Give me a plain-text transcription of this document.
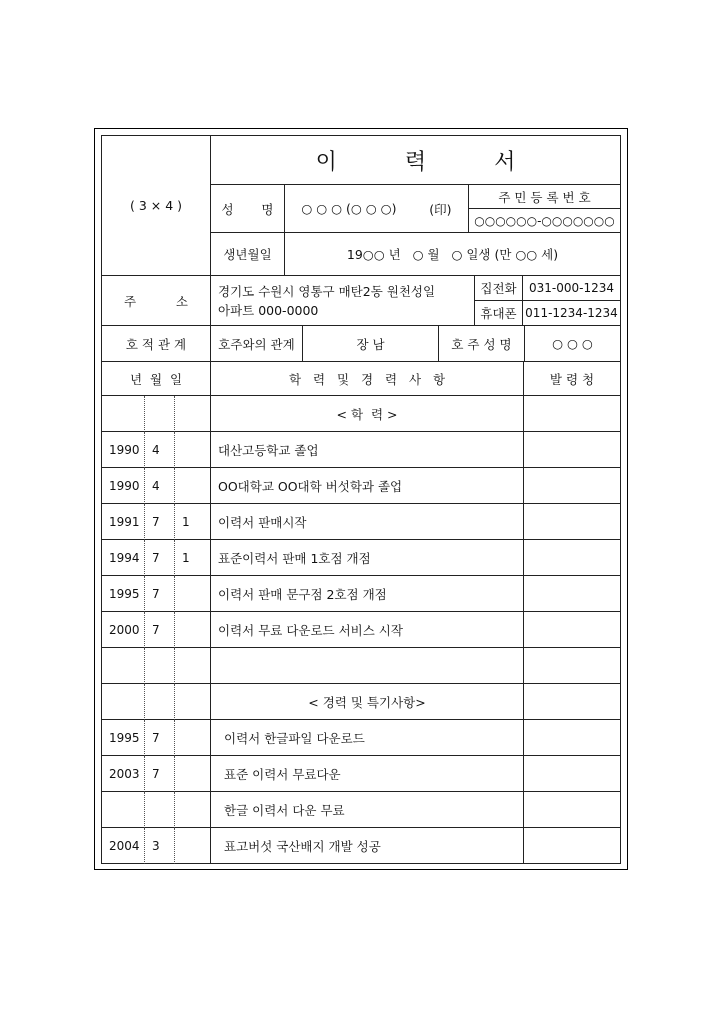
( 3 × 4 )
이	력	서
성       명 ○ ○ ○ (○ ○ ○)	(印)
주 민 등 록 번 호
○○○○○○-○○○○○○○
생년월일	19○○ 년   ○ 월   ○ 일생 (만 ○○ 세)
주          소
경기도 수원시 영통구 매탄2동 원천성일
아파트 000-0000
집전화 031-000-1234
휴대폰 011-1234-1234
호 적 관 계	호주와의 관계	장 남	호 주 성 명	○ ○ ○
년  월  일	학   력   및   경   력   사   항	발 령 청
< 학  력 >
1990 4	대산고등학교 졸업
1990 4	OO대학교 OO대학 버섯학과 졸업
1991 7 1 이력서 판매시작
1994 7 1 표준이력서 판매 1호점 개점
1995 7	이력서 판매 문구점 2호점 개점
2000 7	이력서 무료 다운로드 서비스 시작
< 경력 및 특기사항>
1995 7	이력서 한글파일 다운로드
2003 7	표준 이력서 무료다운
한글 이력서 다운 무료
2004 3	표고버섯 국산배지 개발 성공
